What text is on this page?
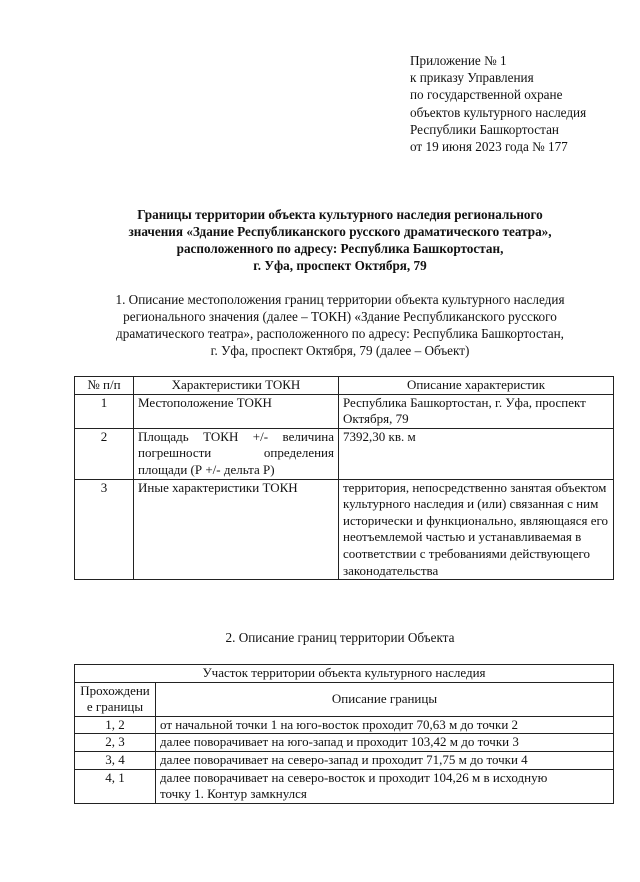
Приложение № 1
к приказу Управления
по государственной охране
объектов культурного наследия
Республики Башкортостан
от 19 июня 2023 года № 177
Границы территории объекта культурного наследия регионального
значения «Здание Республиканского русского драматического театра»,
расположенного по адресу: Республика Башкортостан,
г. Уфа, проспект Октября, 79
1. Описание местоположения границ территории объекта культурного наследия
регионального значения (далее – ТОКН) «Здание Республиканского русского
драматического театра», расположенного по адресу: Республика Башкортостан,
г. Уфа, проспект Октября, 79 (далее – Объект)
№ п/п	Характеристики ТОКН	Описание характеристик
1	Местоположение ТОКН	Республика Башкортостан, г. Уфа, проспект Октября, 79
2	Площадь ТОКН +/- величина погрешности определения площади (Р +/- дельта Р)	7392,30 кв. м
3	Иные характеристики ТОКН	территория, непосредственно занятая объектом культурного наследия и (или) связанная с ним исторически и функционально, являющаяся его неотъемлемой частью и устанавливаемая в соответствии с требованиями действующего законодательства
2. Описание границ территории Объекта
Участок территории объекта культурного наследия	
Прохождение границы	Описание границы
1, 2	от начальной точки 1 на юго-восток проходит 70,63 м до точки 2
2, 3	далее поворачивает на юго-запад и проходит 103,42 м до точки 3
3, 4	далее поворачивает на северо-запад и проходит 71,75 м до точки 4
4, 1	далее поворачивает на северо-восток и проходит 104,26 м в исходную точку 1. Контур замкнулся
